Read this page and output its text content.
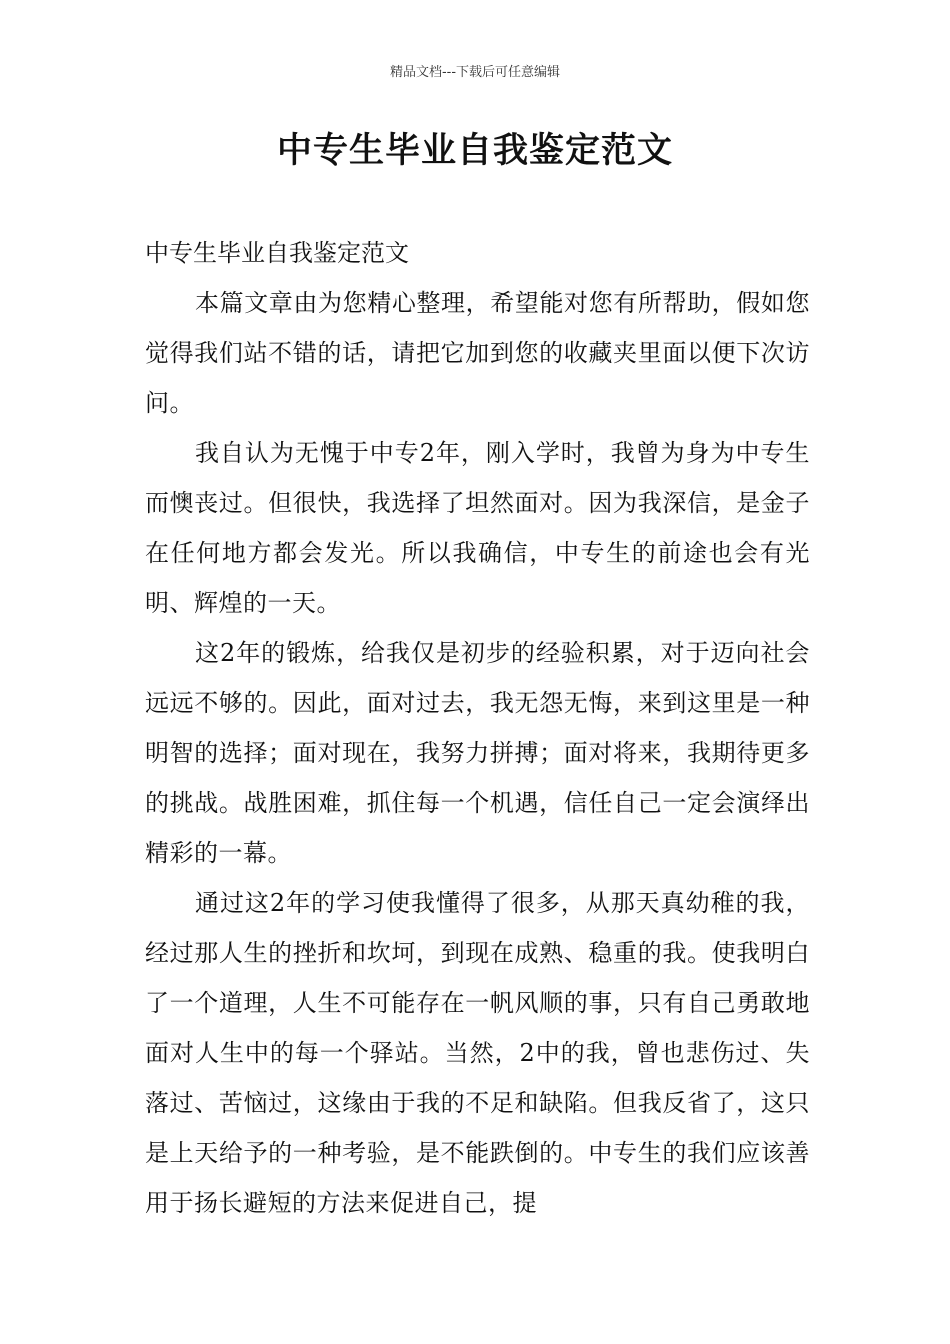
精品文档---下载后可任意编辑
中专生毕业自我鉴定范文

中专生毕业自我鉴定范文

本篇文章由为您精心整理，希望能对您有所帮助，假如您觉得我们站不错的话，请把它加到您的收藏夹里面以便下次访问。

我自认为无愧于中专2年，刚入学时，我曾为身为中专生而懊丧过。但很快，我选择了坦然面对。因为我深信，是金子在任何地方都会发光。所以我确信，中专生的前途也会有光明、辉煌的一天。

这2年的锻炼，给我仅是初步的经验积累，对于迈向社会远远不够的。因此，面对过去，我无怨无悔，来到这里是一种明智的选择；面对现在，我努力拼搏；面对将来，我期待更多的挑战。战胜困难，抓住每一个机遇，信任自己一定会演绎出精彩的一幕。

通过这2年的学习使我懂得了很多，从那天真幼稚的我，经过那人生的挫折和坎坷，到现在成熟、稳重的我。使我明白了一个道理，人生不可能存在一帆风顺的事，只有自己勇敢地面对人生中的每一个驿站。当然，2中的我，曾也悲伤过、失落过、苦恼过，这缘由于我的不足和缺陷。但我反省了，这只是上天给予的一种考验，是不能跌倒的。中专生的我们应该善用于扬长避短的方法来促进自己，提
